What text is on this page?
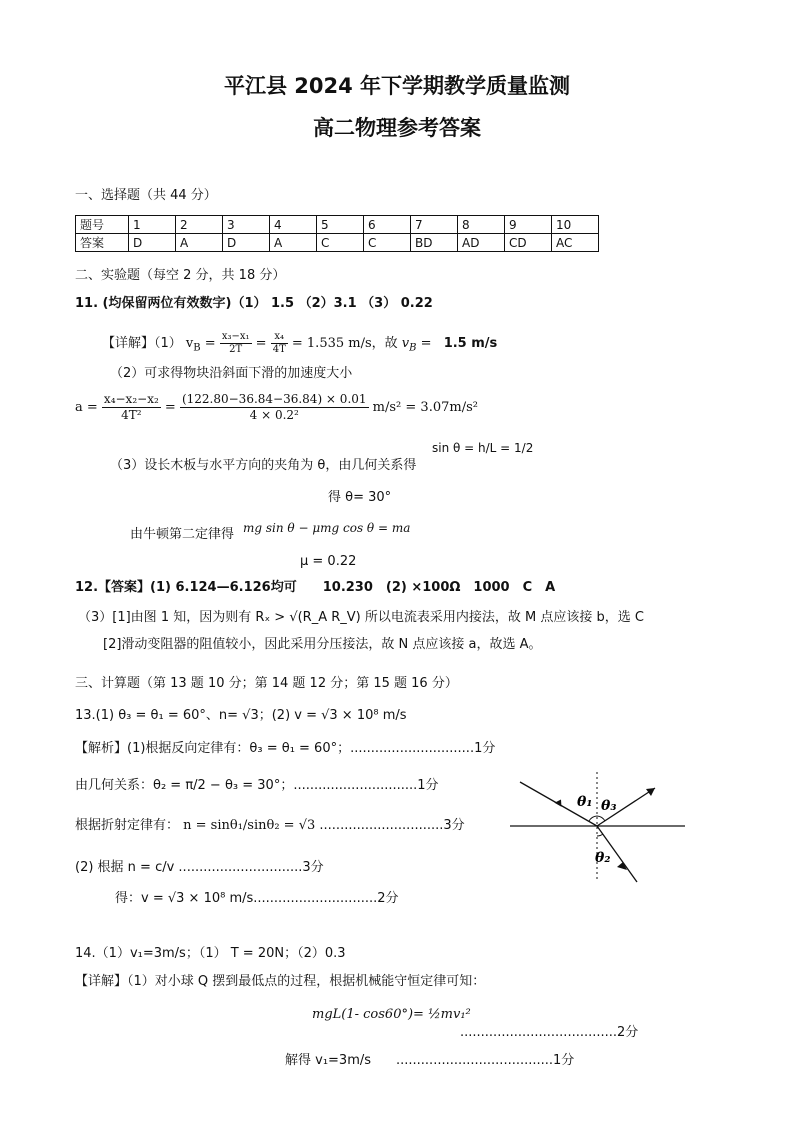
平江县 2024 年下学期教学质量监测
高二物理参考答案
一、选择题（共 44 分）
题号	1	2	3	4	5	6	7	8	9	10
答案	D	A	D	A	C	C	BD	AD	CD	AC
二、实验题（每空 2 分，共 18 分）
11. (均保留两位有效数字)（1） 1.5 （2）3.1 （3） 0.22
【详解】（1） $v_B = \frac{\text{x₃−x₁}}{2T} = \frac{\text{x₄}}{4T} = 1.535$ m/s，故 $v_B = 1.5$ m/s
（2）可求得物块沿斜面下滑的加速度大小
$a = \frac{\text{x₄−x₂−x₂}}{\text{4T²}} = \frac{(122.80-36.84-36.84) \times 0.01}{\text{4 × 0.2²}} m/s^2 = 3.07m/s^2$
sin θ = h/L = 1/2
（3）设长木板与水平方向的夹角为 θ，由几何关系得
得 θ= 30°
由牛顿第二定律得 mg sin θ − μmg cos θ = ma
μ = 0.22
12.【答案】(1) 6.124—6.126均可　　10.230　(2) ×100Ω　1000　C　A
（3）[1]由图 1 知，因为则有 Rₓ > √(R_A R_V) 所以电流表采用内接法，故 M 点应该接 b，选 C
[2]滑动变阻器的阻值较小，因此采用分压接法，故 N 点应该接 a，故选 A。
三、计算题（第 13 题 10 分；第 14 题 12 分；第 15 题 16 分）
13.(1) θ₃ = θ₁ = 60°、n= √3；(2) v = √3 × 10⁸ m/s
【解析】(1)根据反向定律有：θ₃ = θ₁ = 60°；..............................1分
由几何关系：θ₂ = π/2 − θ₃ = 30°；..............................1分
根据折射定律有： n = sinθ₁/sinθ₂ = √3 ..............................3分
(2) 根据 n = c/v ..............................3分
得：v = √3 × 10⁸ m/s..............................2分
θ₁ θ₃
θ₂
14.（1）v₁=3m/s；（1） T = 20N；（2）0.3
【详解】（1）对小球 Q 摆到最低点的过程，根据机械能守恒定律可知：
mgL(1- cos60°)= ½mv₁²
......................................2分
解得 v₁=3m/s ......................................1分
